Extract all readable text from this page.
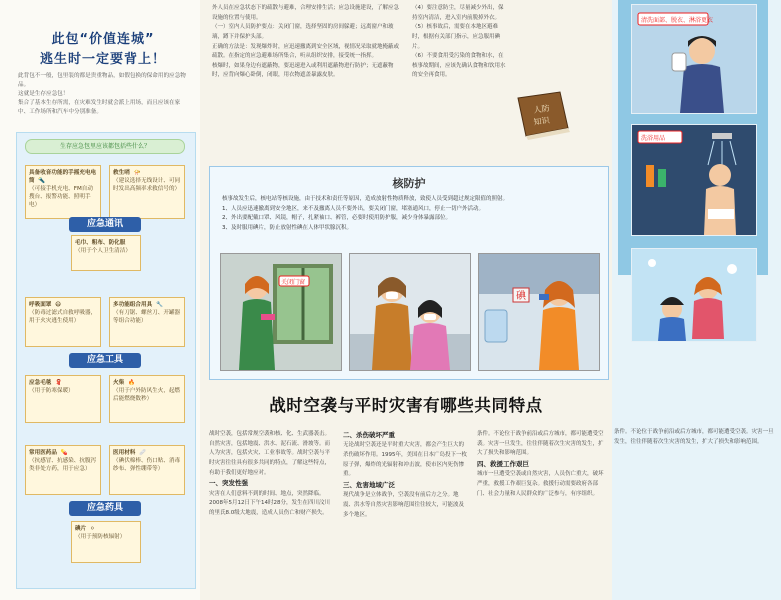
此包“价值连城”
逃生时一定要背上！
此背包不一般，包里装的都是贵重物品，如假包换的保命用的应急物品。
这就是生存应急包！
集合了基本生存所需，在灾难发生时就会派上用场，而且应该在家中、工作场所和汽车中分别准备。
生存应急包里应该都包括些什么？
具备收音功能的手摇充电电筒 🔦
（可接手机充电、FM自动搜台、报警功能、照明手电）
救生哨 📯
（建议选择无线设计、可同时发出高频率求救信号的）
应急通讯
毛巾、粗布、防化服
（用于个人卫生清洁）
呼吸面罩 😷
（防毒过滤式自救呼吸器，用于火灾逃生使用）
多功能组合用具 🔧
（有刀锯、螺丝刀、开罐器等组合功能）
应急工具
应急毛毯 🧣
（用于防寒保暖）
火柴 🔥
（用于户外防风生火，起燃后能燃烧数秒）
常用医药品 💊
（抗感冒、抗感染、抗腹泻类非处方药，用于应急）
医用材料 🩹
（碘伏棉棒、伤口贴、消毒纱布、弹性绷带等）
应急药具
碘片 ⚪
（用于预防核辐射）
外人员在应急状态下的疏散与避难，合理安排生活；应急设施建设，了解应急设施的位置与使用。
（一）室内人员防护要点：关闭门窗，选择坚固的房间躲避；远离窗户和玻璃，蹲下并保护头部。
正确的方法是：发现爆炸时，应迅速撤离到安全区域，视情况采取就地掩蔽或疏散。在指定的应急避难场所集合，听从组织安排，接受统一指挥。
核爆时，如果身边有遮蔽物，要迅速进入或利用遮蔽物进行防护；无遮蔽物时，应背向爆心卧倒，闭眼，用衣物遮盖暴露皮肤。
（4）要注意防尘，尽量减少外出，保持室内清洁，进入室内前脱掉外衣。
（5）核事故后，需要在本地区避难时，根据有关部门指示，应急服用碘片。
（6）不要食用受污染的食物和水，在核事故期间，应该先确认食物和饮用水的安全再食用。
人防
知识
核防护
核事故发生后，核电站等核设施，由于技术和责任等原因，造成放射性物质释放，致使人员受到超过规定限值的照射。
1、人员应迅速撤离到安全地区，来不及撤离人员不要外出，要关闭门窗，堵塞通风口，停止一切户外活动。
2、外出要配戴口罩、风镜，帽子，扎紧袖口、裤管，必要时使用防护服，减少身体暴露部位。
3、及时服用碘片，防止放射性碘在人体甲状腺沉积。
关闭门窗
碘
战时空袭与平时灾害有哪些共同特点
战时空袭，包括常规空袭和核、化、生武器袭击。自然灾害，包括地震、洪水、泥石流、滑坡等。而人为灾害，包括火灾、工业事故等。战时空袭与平时灾害往往具有很多共同的特点，了解这些特点，有助于我们更好地应对。
一、突发性强
灾害在人们意料不到的时间、地点，突然降临。2008年5月12日下午14时28分，发生在四川汶川的里氏8.0级大地震，造成人员伤亡和财产损失。
二、杀伤破坏严重
无论战时空袭还是平时重大灾害，都会产生巨大的杀伤破坏作用。1995年，美国在日本广岛投下一枚原子弹，爆炸的光辐射和冲击波，使市区内死伤惨重。
三、危害地域广泛
现代战争是立体战争，空袭没有前后方之分。地震、洪水等自然灾害影响范围往往较大，可能波及多个地区。
条件。不论位于战争前沿或后方城市，都可能遭受空袭。灾害一旦发生，往往伴随着次生灾害的发生，扩大了损失和影响范围。
四、救援工作艰巨
城市一旦遭受空袭或自然灾害，人员伤亡重大，破坏严重，救援工作艰巨复杂。救援行动需要政府各部门、社会力量和人民群众的广泛参与，有序组织。
清洗面部、脱衣、淋浴更衣
洗浴用品
条件。不论位于战争前沿或后方城市，都可能遭受空袭。灾害一旦发生，往往伴随着次生灾害的发生，扩大了损失和影响范围。
